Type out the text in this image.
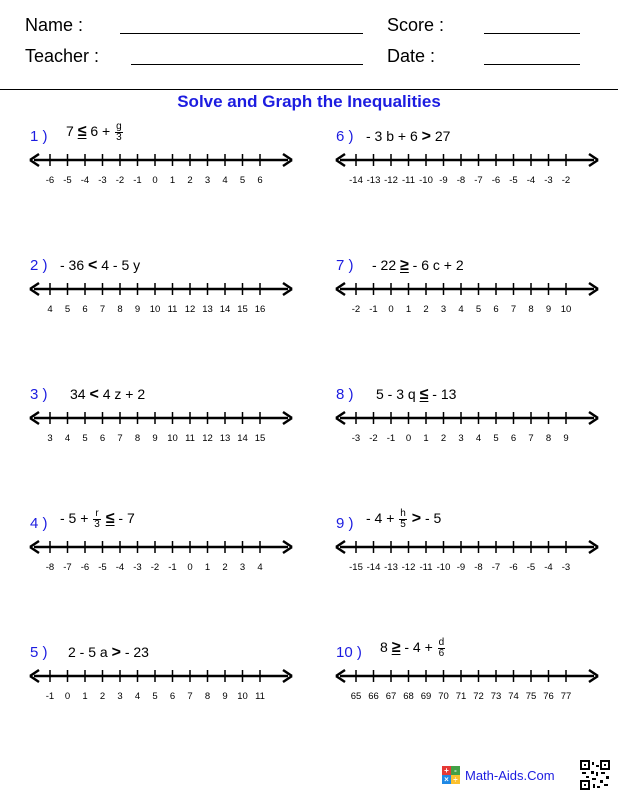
Name :	Score :
Teacher :	Date :
Solve and Graph the Inequalities
1 ) $7 \le 6 + \frac{g}{3}$
-6 -5 -4 -3 -2 -1 0 1 2 3 4 5 6
2 ) - 36 < 4 - 5 y
4 5 6 7 8 9 10 11 12 13 14 15 16
3 ) 34 < 4 z + 2
3 4 5 6 7 8 9 10 11 12 13 14 15
4 ) - $5 + \frac{r}{3}$ ≤ - 7
-8 -7 -6 -5 -4 -3 -2 -1 0 1 2 3 4
5 ) 2 - 5 a > - 23
-1 0 1 2 3 4 5 6 7 8 9 10 11
6 ) - 3 b + 6 > 27
-14 -13 -12 -11 -10 -9 -8 -7 -6 -5 -4 -3 -2
7 ) - 22 ≥ - 6 c + 2
-2 -1 0 1 2 3 4 5 6 7 8 9 10
8 ) 5 - 3 q ≤ - 13
-3 -2 -1 0 1 2 3 4 5 6 7 8 9
9 ) - $4 + \frac{h}{5}$ > - 5
-15 -14 -13 -12 -11 -10 -9 -8 -7 -6 -5 -4 -3
10 ) 8 ≥ - $4 + \frac{d}{6}$
65 66 67 68 69 70 71 72 73 74 75 76 77
+ -
× ÷ Math-Aids.Com
